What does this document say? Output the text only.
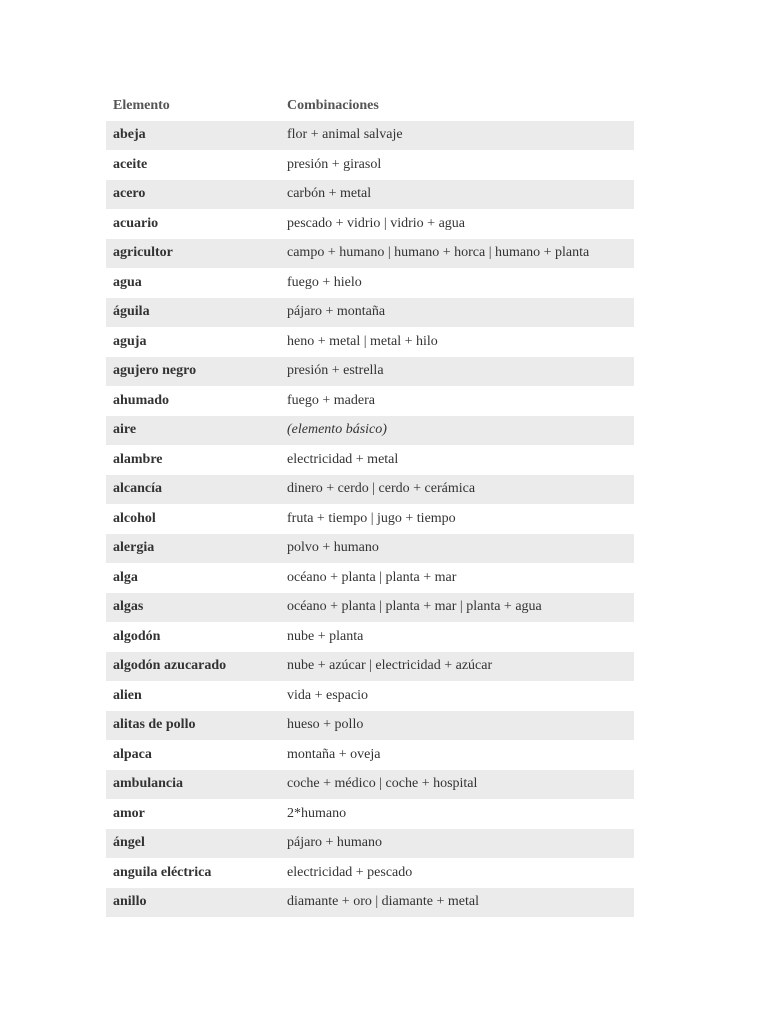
Elemento	Combinaciones
abeja	flor + animal salvaje
aceite	presión + girasol
acero	carbón + metal
acuario	pescado + vidrio | vidrio + agua
agricultor	campo + humano | humano + horca | humano + planta
agua	fuego + hielo
águila	pájaro + montaña
aguja	heno + metal | metal + hilo
agujero negro	presión + estrella
ahumado	fuego + madera
aire	(elemento básico)
alambre	electricidad + metal
alcancía	dinero + cerdo | cerdo + cerámica
alcohol	fruta + tiempo | jugo + tiempo
alergia	polvo + humano
alga	océano + planta | planta + mar
algas	océano + planta | planta + mar | planta + agua
algodón	nube + planta
algodón azucarado	nube + azúcar | electricidad + azúcar
alien	vida + espacio
alitas de pollo	hueso + pollo
alpaca	montaña + oveja
ambulancia	coche + médico | coche + hospital
amor	2*humano
ángel	pájaro + humano
anguila eléctrica	electricidad + pescado
anillo	diamante + oro | diamante + metal
